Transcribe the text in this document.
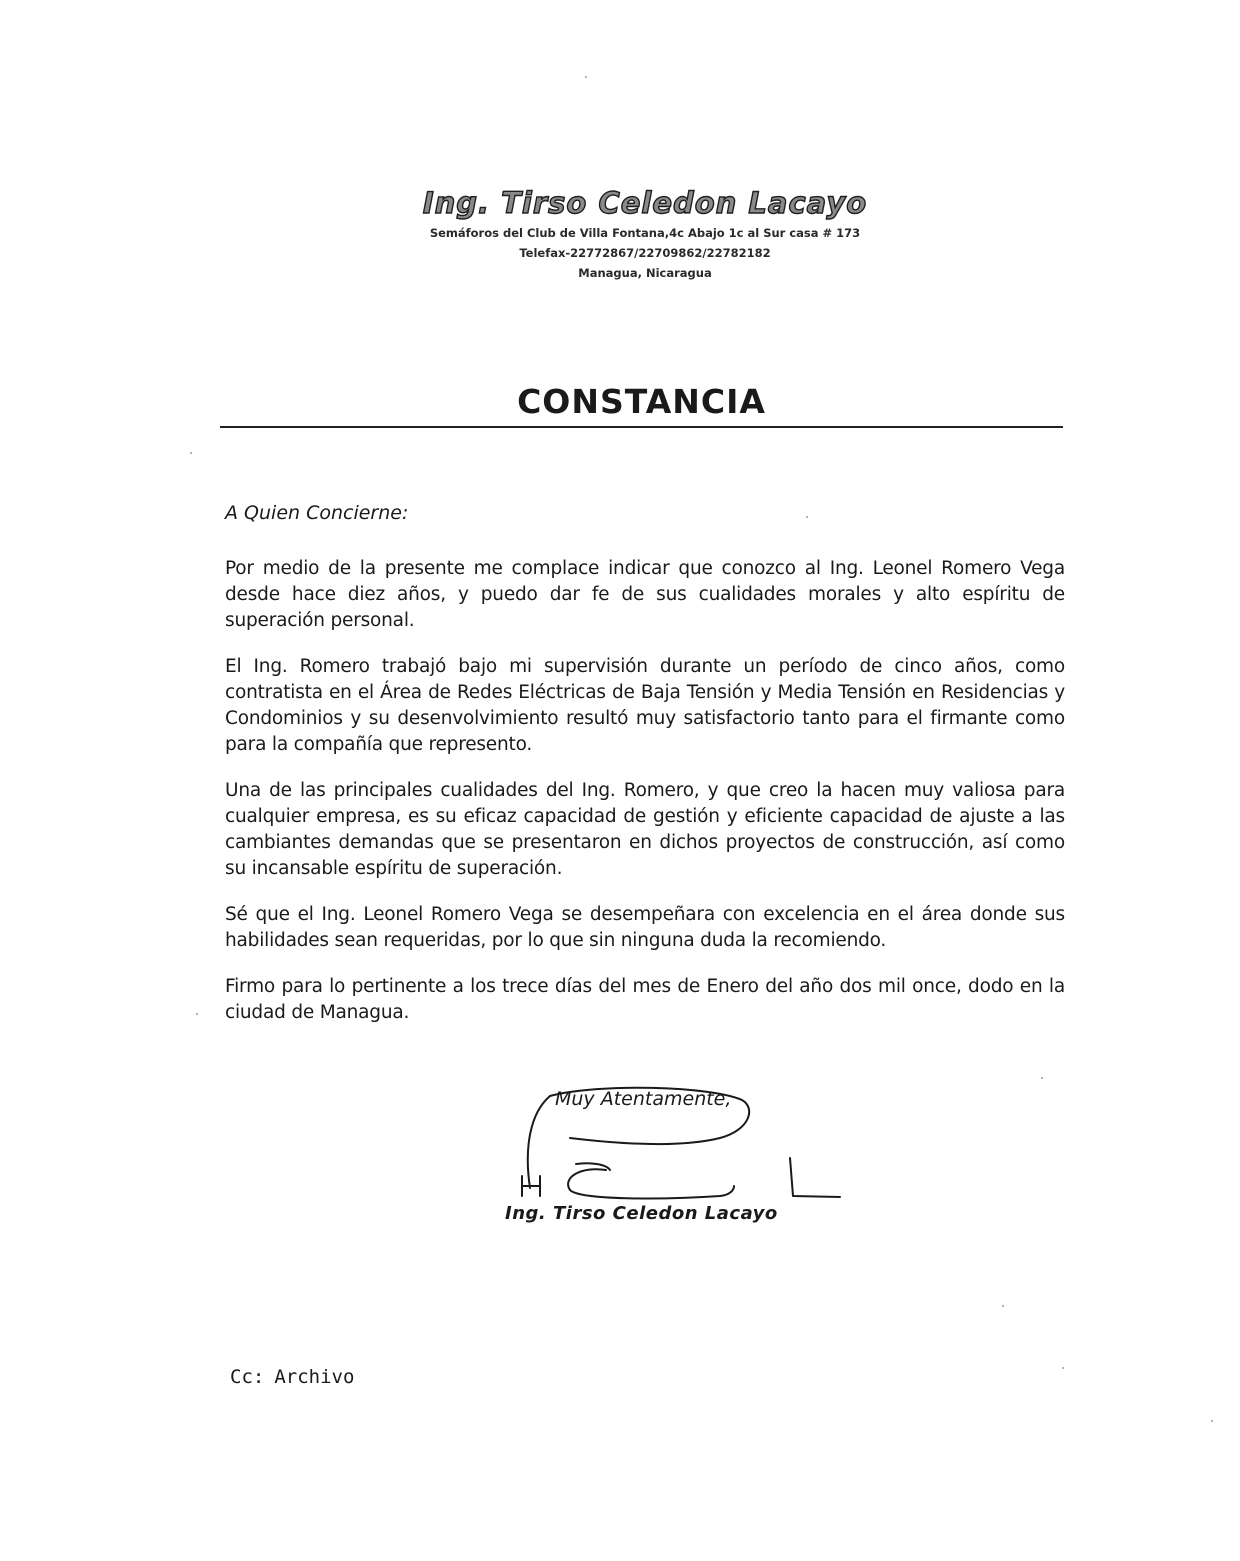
Ing. Tirso Celedon Lacayo
Semáforos del Club de Villa Fontana,4c Abajo 1c al Sur casa # 173
Telefax-22772867/22709862/22782182
Managua, Nicaragua
CONSTANCIA

A Quien Concierne:

Por medio de la presente me complace indicar que conozco al Ing. Leonel Romero Vega desde hace diez años, y puedo dar fe de sus cualidades morales y alto espíritu de superación personal.

El Ing. Romero trabajó bajo mi supervisión durante un período de cinco años, como contratista en el Área de Redes Eléctricas de Baja Tensión y Media Tensión en Residencias y Condominios y su desenvolvimiento resultó muy satisfactorio tanto para el firmante como para la compañía que represento.

Una de las principales cualidades del Ing. Romero, y que creo la hacen muy valiosa para cualquier empresa, es su eficaz capacidad de gestión y eficiente capacidad de ajuste a las cambiantes demandas que se presentaron en dichos proyectos de construcción, así como su incansable espíritu de superación.

Sé que el Ing. Leonel Romero Vega se desempeñara con excelencia en el área donde sus habilidades sean requeridas, por lo que sin ninguna duda la recomiendo.

Firmo para lo pertinente a los trece días del mes de Enero del año dos mil once, dodo en la ciudad de Managua.

Muy Atentamente,

Ing. Tirso Celedon Lacayo

Cc: Archivo
